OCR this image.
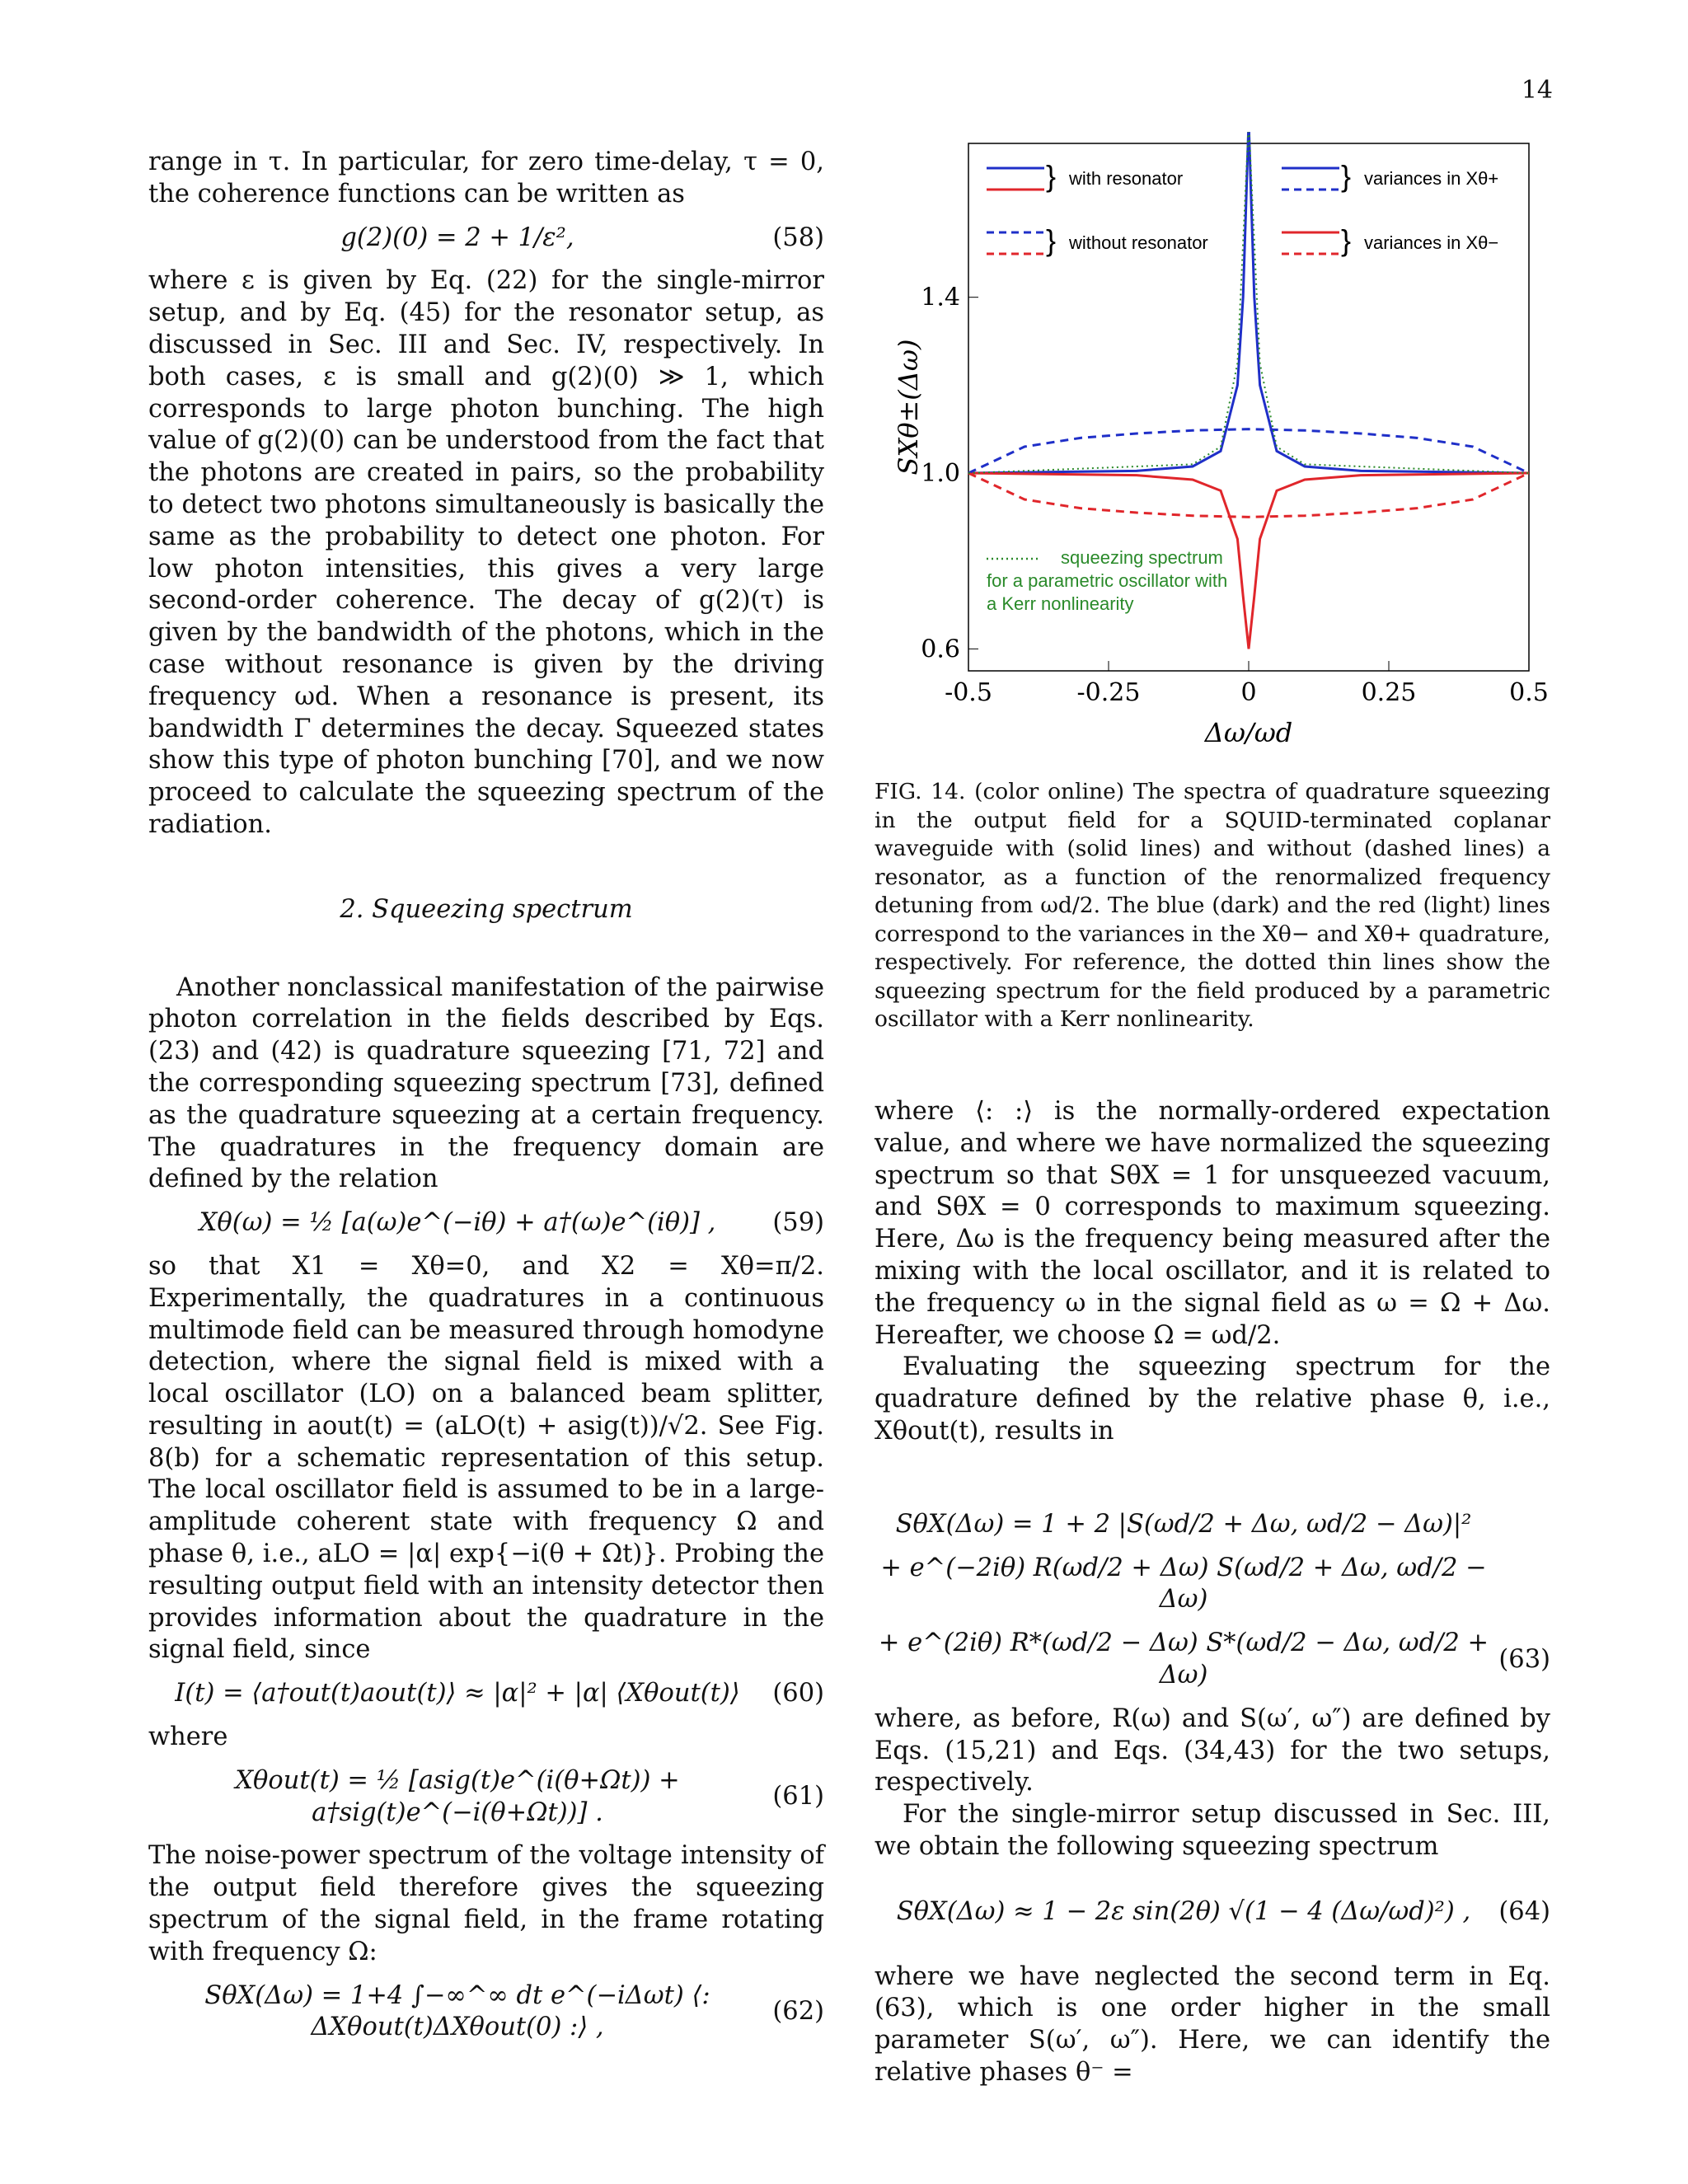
14

range in τ. In particular, for zero time-delay, τ = 0, the coherence functions can be written as

g(2)(0) = 2 + 1/ε²,	(58)

where ε is given by Eq. (22) for the single-mirror setup, and by Eq. (45) for the resonator setup, as discussed in Sec. III and Sec. IV, respectively. In both cases, ε is small and g(2)(0) ≫ 1, which corresponds to large photon bunching. The high value of g(2)(0) can be understood from the fact that the photons are created in pairs, so the probability to detect two photons simultaneously is basically the same as the probability to detect one photon. For low photon intensities, this gives a very large second-order coherence. The decay of g(2)(τ) is given by the bandwidth of the photons, which in the case without resonance is given by the driving frequency ωd. When a resonance is present, its bandwidth Γ determines the decay. Squeezed states show this type of photon bunching [70], and we now proceed to calculate the squeezing spectrum of the radiation.

2. Squeezing spectrum

Another nonclassical manifestation of the pairwise photon correlation in the fields described by Eqs. (23) and (42) is quadrature squeezing [71, 72] and the corresponding squeezing spectrum [73], defined as the quadrature squeezing at a certain frequency. The quadratures in the frequency domain are defined by the relation

Xθ(ω) = ½ [a(ω)e^(−iθ) + a†(ω)e^(iθ)] ,	(59)

so that X1 = Xθ=0, and X2 = Xθ=π/2. Experimentally, the quadratures in a continuous multimode field can be measured through homodyne detection, where the signal field is mixed with a local oscillator (LO) on a balanced beam splitter, resulting in aout(t) = (aLO(t) + asig(t))/√2. See Fig. 8(b) for a schematic representation of this setup. The local oscillator field is assumed to be in a large-amplitude coherent state with frequency Ω and phase θ, i.e., aLO = |α| exp{−i(θ + Ωt)}. Probing the resulting output field with an intensity detector then provides information about the quadrature in the signal field, since

I(t) = ⟨a†out(t)aout(t)⟩ ≈ |α|² + |α| ⟨Xθout(t)⟩	(60)

where

Xθout(t) = ½ [asig(t)e^(i(θ+Ωt)) + a†sig(t)e^(−i(θ+Ωt))] .
(61)

The noise-power spectrum of the voltage intensity of the output field therefore gives the squeezing spectrum of the signal field, in the frame rotating with frequency Ω:

SθX(Δω) = 1+4 ∫−∞^∞ dt e^(−iΔωt) ⟨: ΔXθout(t)ΔXθout(0) :⟩ ,
(62)
-0.5	-0.25	0	0.25	0.5
0.6
1.0
1.4
} with resonator
} without resonator
} variances in Xθ+
} variances in Xθ−
squeezing spectrum
for a parametric oscillator with
a Kerr nonlinearity
SXθ±(Δω)
Δω/ωd
FIG. 14. (color online) The spectra of quadrature squeezing in the output field for a SQUID-terminated coplanar waveguide with (solid lines) and without (dashed lines) a resonator, as a function of the renormalized frequency detuning from ωd/2. The blue (dark) and the red (light) lines correspond to the variances in the Xθ− and Xθ+ quadrature, respectively. For reference, the dotted thin lines show the squeezing spectrum for the field produced by a parametric oscillator with a Kerr nonlinearity.

where ⟨: :⟩ is the normally-ordered expectation value, and where we have normalized the squeezing spectrum so that SθX = 1 for unsqueezed vacuum, and SθX = 0 corresponds to maximum squeezing. Here, Δω is the frequency being measured after the mixing with the local oscillator, and it is related to the frequency ω in the signal field as ω = Ω + Δω. Hereafter, we choose Ω = ωd/2.

Evaluating the squeezing spectrum for the quadrature defined by the relative phase θ, i.e., Xθout(t), results in

SθX(Δω) = 1 + 2 |S(ωd/2 + Δω, ωd/2 − Δω)|²
+ e^(−2iθ) R(ωd/2 + Δω) S(ωd/2 + Δω, ωd/2 − Δω)
+ e^(2iθ) R*(ωd/2 − Δω) S*(ωd/2 − Δω, ωd/2 + Δω)
(63)

where, as before, R(ω) and S(ω′, ω″) are defined by Eqs. (15,21) and Eqs. (34,43) for the two setups, respectively.

For the single-mirror setup discussed in Sec. III, we obtain the following squeezing spectrum

SθX(Δω) ≈ 1 − 2ε sin(2θ) √(1 − 4 (Δω/ωd)²) ,	(64)

where we have neglected the second term in Eq. (63), which is one order higher in the small parameter S(ω′, ω″). Here, we can identify the relative phases θ⁻ =
